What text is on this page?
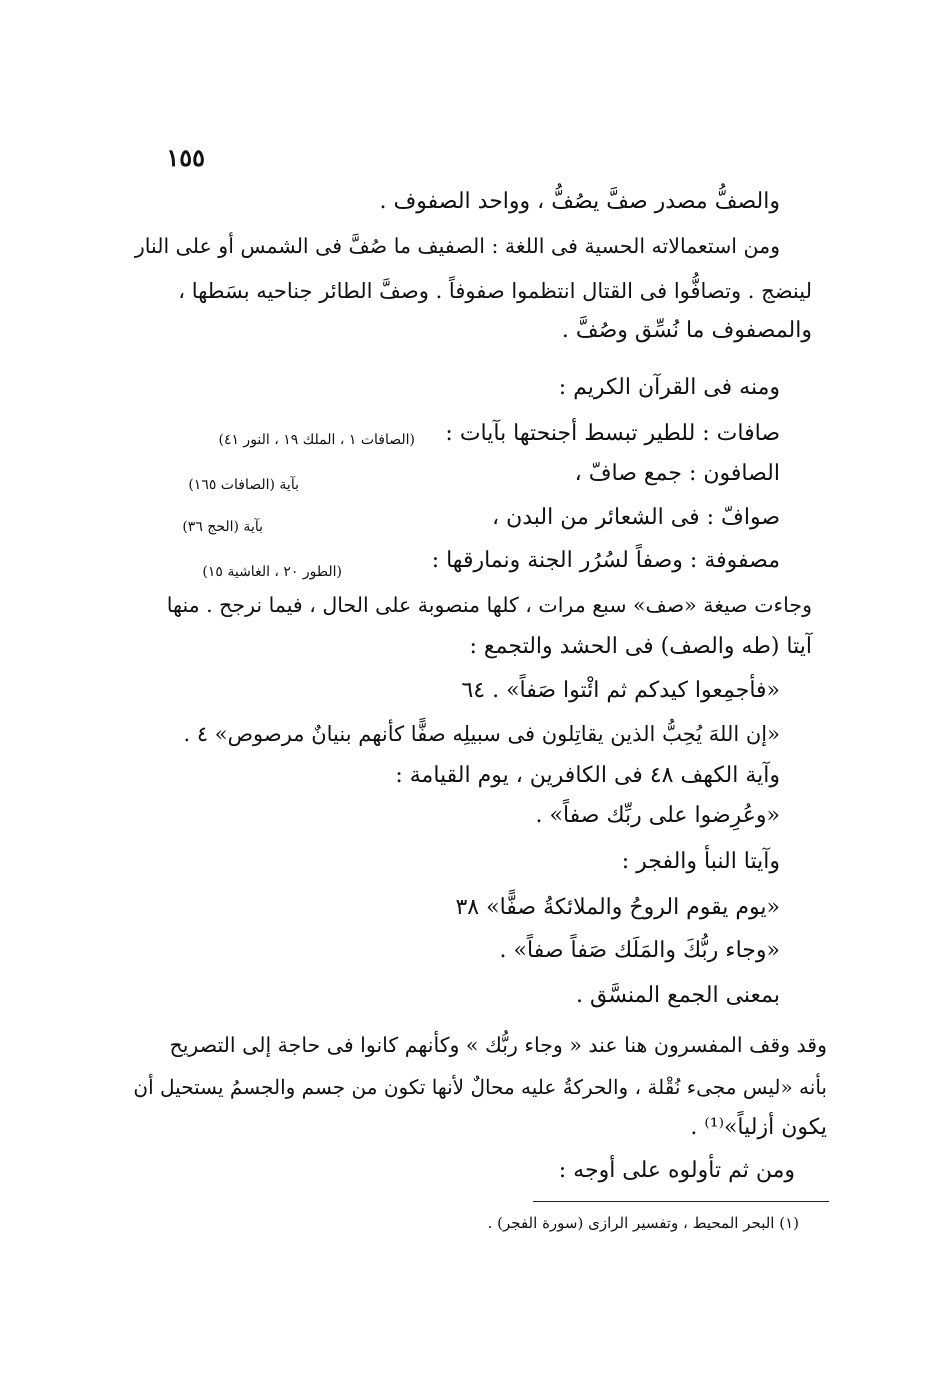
١٥٥
والصفُّ مصدر صفَّ يصُفُّ ، وواحد الصفوف .
ومن استعمالاته الحسية فى اللغة : الصفيف ما صُفَّ فى الشمس أو على النار
لينضج . وتصافُّوا فى القتال انتظموا صفوفاً . وصفَّ الطائر جناحيه بسَطها ،
والمصفوف ما نُسِّق وصُفَّ .
ومنه فى القرآن الكريم :
صافات : للطير تبسط أجنحتها بآيات :
(الصافات ١ ، الملك ١٩ ، النور ٤١)
الصافون : جمع صافّ ،
بآية (الصافات ١٦٥)
صوافّ : فى الشعائر من البدن ،
بآية (الحج ٣٦)
مصفوفة : وصفاً لسُرُر الجنة ونمارقها :
(الطور ٢٠ ، الغاشية ١٥)
وجاءت صيغة «صف» سبع مرات ، كلها منصوبة على الحال ، فيما نرجح . منها
آيتا (طه والصف) فى الحشد والتجمع :
«فأجمِعوا كيدكم ثم ائْتوا صَفاً» . ٦٤
«إن اللهَ يُحِبُّ الذين يقاتِلون فى سبيلِه صفًّا كأنهم بنيانٌ مرصوص» ٤ .
وآية الكهف ٤٨ فى الكافرين ، يوم القيامة :
«وعُرِضوا على ربِّك صفاً» .
وآيتا النبأ والفجر :
«يوم يقوم الروحُ والملائكةُ صفًّا» ٣٨
«وجاء ربُّكَ والمَلَك صَفاً صفاً» .
بمعنى الجمع المنسَّق .
وقد وقف المفسرون هنا عند « وجاء ربُّك » وكأنهم كانوا فى حاجة إلى التصريح
بأنه «ليس مجىء نُقْلة ، والحركةُ عليه محالٌ لأنها تكون من جسم والجسمُ يستحيل أن
يكون أزلياً»⁽¹⁾ .
ومن ثم تأولوه على أوجه :
(١) البحر المحيط ، وتفسير الرازى (سورة الفجر) .
